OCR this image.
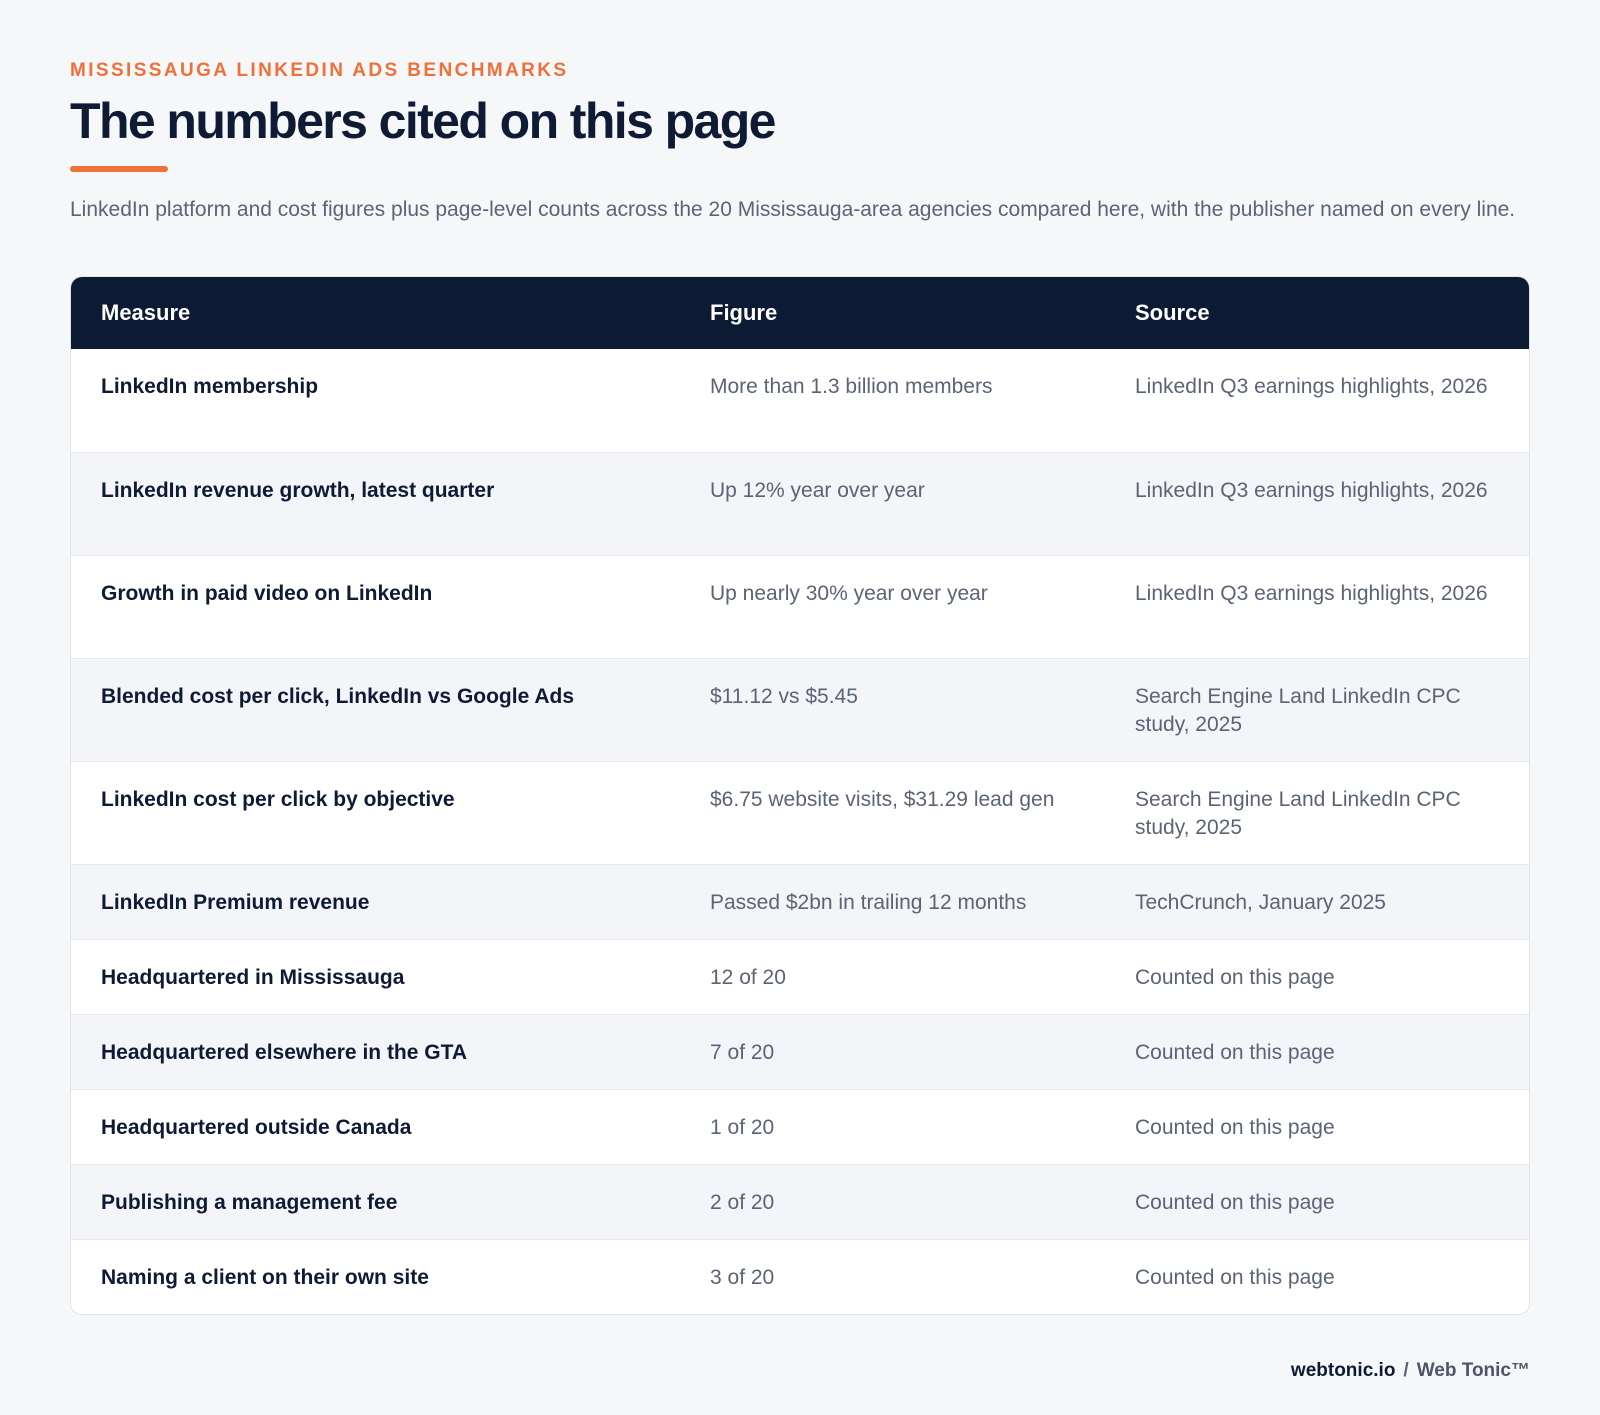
MISSISSAUGA LINKEDIN ADS BENCHMARKS
The numbers cited on this page

LinkedIn platform and cost figures plus page-level counts across the 20 Mississauga-area agencies compared here, with the publisher named on every line.

Measure	Figure	Source
LinkedIn membership	More than 1.3 billion members	LinkedIn Q3 earnings highlights, 2026
LinkedIn revenue growth, latest quarter	Up 12% year over year	LinkedIn Q3 earnings highlights, 2026
Growth in paid video on LinkedIn	Up nearly 30% year over year	LinkedIn Q3 earnings highlights, 2026
Blended cost per click, LinkedIn vs Google Ads	$11.12 vs $5.45	Search Engine Land LinkedIn CPC study, 2025
LinkedIn cost per click by objective	$6.75 website visits, $31.29 lead gen	Search Engine Land LinkedIn CPC study, 2025
LinkedIn Premium revenue	Passed $2bn in trailing 12 months	TechCrunch, January 2025
Headquartered in Mississauga	12 of 20	Counted on this page
Headquartered elsewhere in the GTA	7 of 20	Counted on this page
Headquartered outside Canada	1 of 20	Counted on this page
Publishing a management fee	2 of 20	Counted on this page
Naming a client on their own site	3 of 20	Counted on this page
webtonic.io / Web Tonic™
